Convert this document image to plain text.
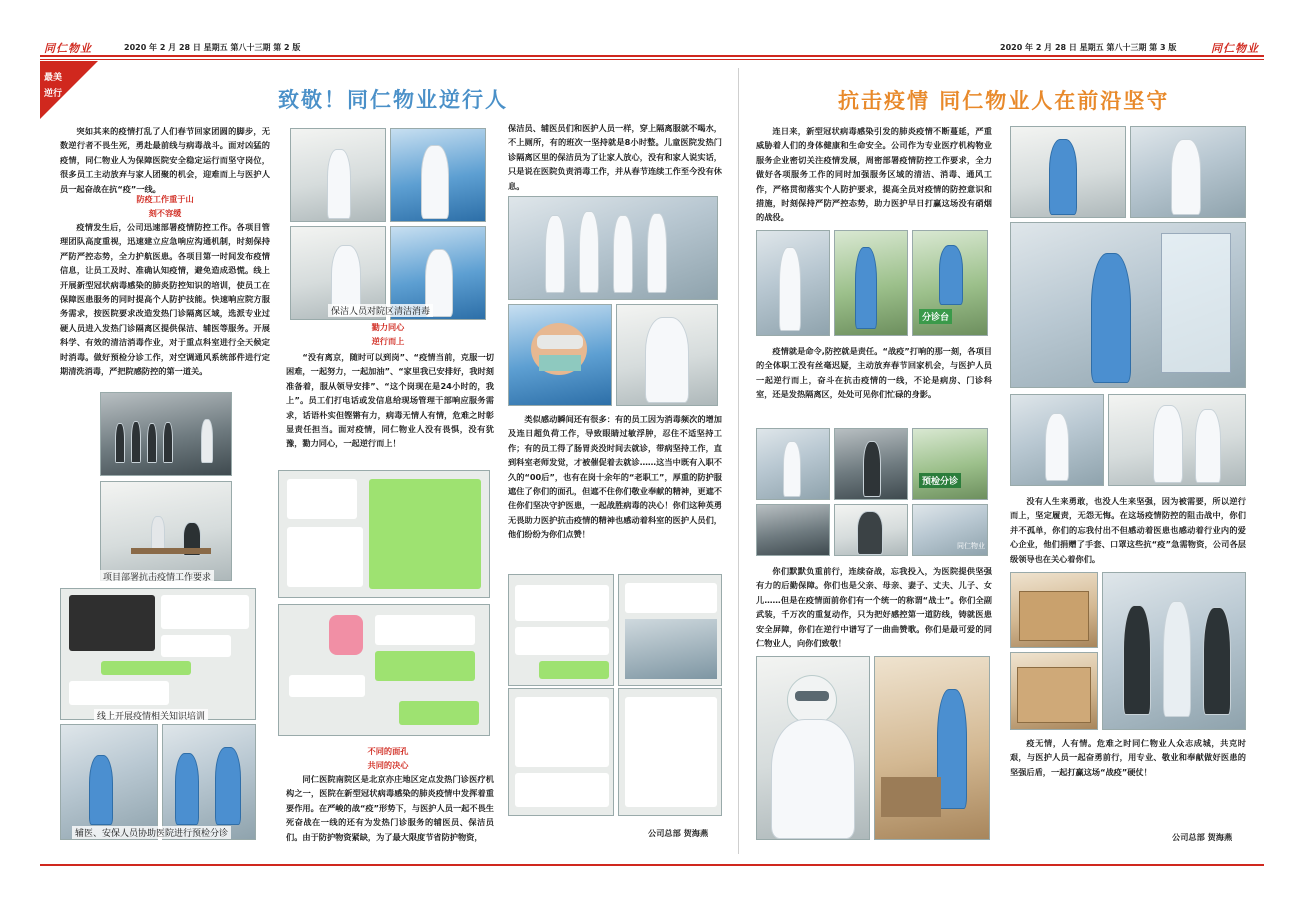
同仁物业	2020 年 2 月 28 日 星期五 第八十三期 第 2 版	2020 年 2 月 28 日 星期五 第八十三期 第 3 版	同仁物业
最美
逆行	致敬！同仁物业逆行人
突如其来的疫情打乱了人们春节回家团圆的脚步，无数逆行者不畏生死，勇赴最前线与病毒战斗。面对凶猛的疫情，同仁物业人为保障医院安全稳定运行而坚守岗位，很多员工主动放弃与家人团聚的机会，迎难而上与医护人员一起奋战在抗“疫”一线。
防疫工作重于山
刻不容缓
疫情发生后，公司迅速部署疫情防控工作。各项目管理团队高度重视，迅速建立应急响应沟通机制，时刻保持严防严控态势，全力护航医患。各项目第一时间发布疫情信息，让员工及时、准确认知疫情，避免造成恐慌。线上开展新型冠状病毒感染的肺炎防控知识的培训，使员工在保障医患服务的同时提高个人防护技能。快速响应院方服务需求，按医院要求改造发热门诊隔离区域，选派专业过硬人员进入发热门诊隔离区提供保洁、辅医等服务。开展科学、有效的清洁消毒作业，对于重点科室进行全天候定时消毒。做好预检分诊工作，对空调通风系统部件进行定期清洗消毒，严把院感防控的第一道关。
项目部署抗击疫情工作要求
线上开展疫情相关知识培训
辅医、安保人员协助医院进行预检分诊
保洁人员对院区清洁消毒
勠力同心
逆行而上
“没有离京，随时可以到岗”、“疫情当前，克服一切困难，一起努力，一起加油”、“家里我已安排好，我时刻准备着，服从领导安排”、“这个岗现在是24小时的，我上”。员工们打电话或发信息给现场管理干部响应服务需求，话语朴实但铿锵有力，病毒无情人有情，危难之时彰显责任担当。面对疫情，同仁物业人没有畏惧，没有犹豫，勠力同心，一起逆行而上！
不同的面孔
共同的决心
同仁医院南院区是北京亦庄地区定点发热门诊医疗机构之一，医院在新型冠状病毒感染的肺炎疫情中发挥着重要作用。在严峻的战“疫”形势下，与医护人员一起不畏生死奋战在一线的还有为发热门诊服务的辅医员、保洁员们。由于防护物资紧缺，为了最大限度节省防护物资，
保洁员、辅医员们和医护人员一样，穿上隔离服就不喝水，不上厕所，有的班次一坚持就是8小时整。儿童医院发热门诊隔离区里的保洁员为了让家人放心，没有和家人说实话，只是说在医院负责消毒工作，并从春节连续工作至今没有休息。
类似感动瞬间还有很多：有的员工因为消毒频次的增加及连日超负荷工作，导致眼睛过敏浮肿，忍住不适坚持工作；有的员工得了肠胃炎没时间去就诊，带病坚持工作，直到科室老师发觉，才被催促着去就诊……这当中既有入职不久的“00后”，也有在岗十余年的“老职工”，厚重的防护服遮住了你们的面孔，但遮不住你们敬业奉献的精神，更遮不住你们坚决守护医患，一起战胜病毒的决心！你们这种英勇无畏助力医护抗击疫情的精神也感动着科室的医护人员们，他们纷纷为你们点赞！
公司总部 贺海燕
抗击疫情 同仁物业人在前沿坚守
连日来，新型冠状病毒感染引发的肺炎疫情不断蔓延，严重威胁着人们的身体健康和生命安全。公司作为专业医疗机构物业服务企业密切关注疫情发展，周密部署疫情防控工作要求，全力做好各项服务工作的同时加强服务区域的清洁、消毒、通风工作，严格贯彻落实个人防护要求，提高全员对疫情的防控意识和措施，时刻保持严防严控态势，助力医护早日打赢这场没有硝烟的战役。
分诊台
疫情就是命令,防控就是责任。“战疫”打响的那一刻，各项目的全体职工没有丝毫迟疑，主动放弃春节回家机会，与医护人员一起逆行而上，奋斗在抗击疫情的一线，不论是病房、门诊科室，还是发热隔离区，处处可见你们忙碌的身影。
预检分诊
同仁物业
你们默默负重前行，连续奋战，忘我投入，为医院提供坚强有力的后勤保障。你们也是父亲、母亲、妻子、丈夫、儿子、女儿……但是在疫情面前你们有一个统一的称谓“战士”。你们全副武装，千万次的重复动作，只为把好感控第一道防线，铸就医患安全屏障，你们在逆行中谱写了一曲曲赞歌。你们是最可爱的同仁物业人，向你们致敬！
没有人生来勇敢，也没人生来坚强，因为被需要，所以逆行而上，坚定履责，无怨无悔。在这场疫情防控的阻击战中，你们并不孤单，你们的忘我付出不但感动着医患也感动着行业内的爱心企业，他们捐赠了手套、口罩这些抗“疫”急需物资，公司各层级领导也在关心着你们。
疫无情，人有情。危难之时同仁物业人众志成城，共克时艰，与医护人员一起奋勇前行，用专业、敬业和奉献做好医患的坚强后盾，一起打赢这场“战疫”硬仗！
公司总部 贺海燕
